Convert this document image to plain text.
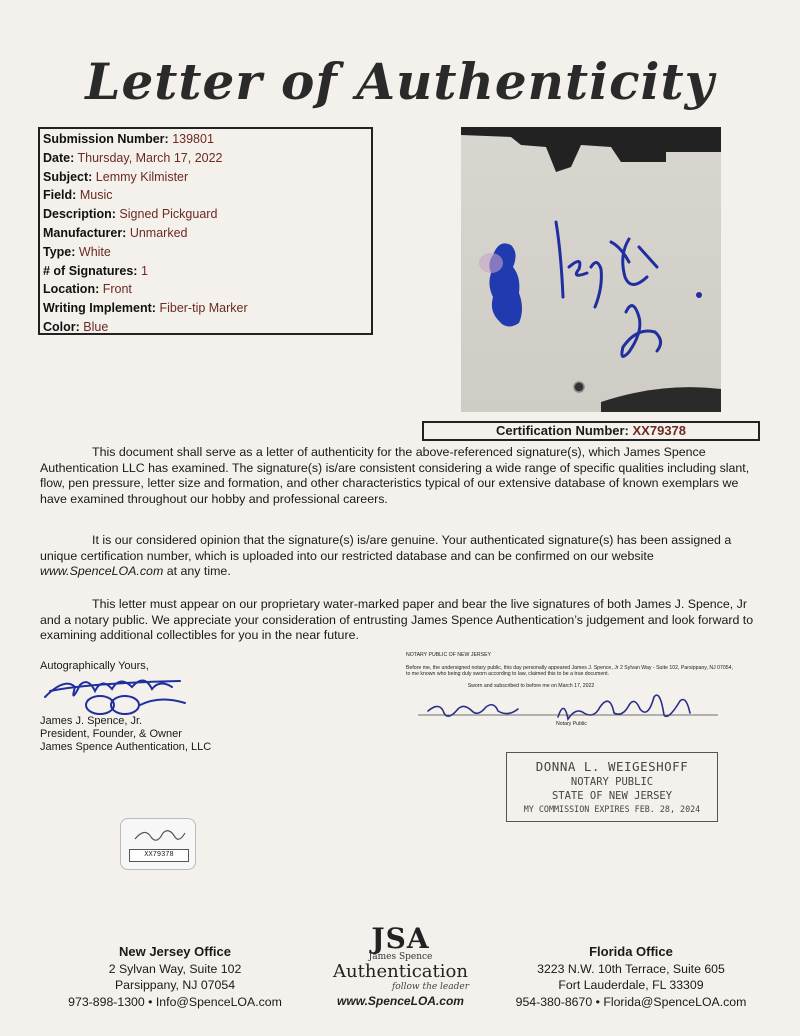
Letter of Authenticity
Submission Number: 139801
Date: Thursday, March 17, 2022
Subject: Lemmy Kilmister
Field: Music
Description: Signed Pickguard
Manufacturer: Unmarked
Type: White
# of Signatures: 1
Location: Front
Writing Implement: Fiber-tip Marker
Color: Blue
Certification Number: XX79378
This document shall serve as a letter of authenticity for the above-referenced signature(s), which James Spence Authentication LLC has examined. The signature(s) is/are consistent considering a wide range of specific qualities including slant, flow, pen pressure, letter size and formation, and other characteristics typical of our extensive database of known exemplars we have examined throughout our hobby and professional careers.
It is our considered opinion that the signature(s) is/are genuine. Your authenticated signature(s) has been assigned a unique certification number, which is uploaded into our restricted database and can be confirmed on our website www.SpenceLOA.com at any time.
This letter must appear on our proprietary water-marked paper and bear the live signatures of both James J. Spence, Jr and a notary public. We appreciate your consideration of entrusting James Spence Authentication’s judgement and look forward to examining additional collectibles for you in the near future.
Autographically Yours,
James J. Spence, Jr.
President, Founder, & Owner
James Spence Authentication, LLC
NOTARY PUBLIC OF NEW JERSEY
Before me, the undersigned notary public, this day personally appeared James J. Spence, Jr 2 Sylvan Way - Suite 102, Parsippany, NJ 07054, to me known who being duly sworn according to law, claimed this to be a true document.
Sworn and subscribed to before me on March 17, 2022
Notary Public
DONNA L. WEIGESHOFF
NOTARY PUBLIC
STATE OF NEW JERSEY
MY COMMISSION EXPIRES FEB. 28, 2024
XX79378
New Jersey Office
2 Sylvan Way, Suite 102
Parsippany, NJ 07054
973-898-1300 • Info@SpenceLOA.com
JSA
James Spence
Authentication
follow the leader
www.SpenceLOA.com
Florida Office
3223 N.W. 10th Terrace, Suite 605
Fort Lauderdale, FL 33309
954-380-8670 • Florida@SpenceLOA.com
